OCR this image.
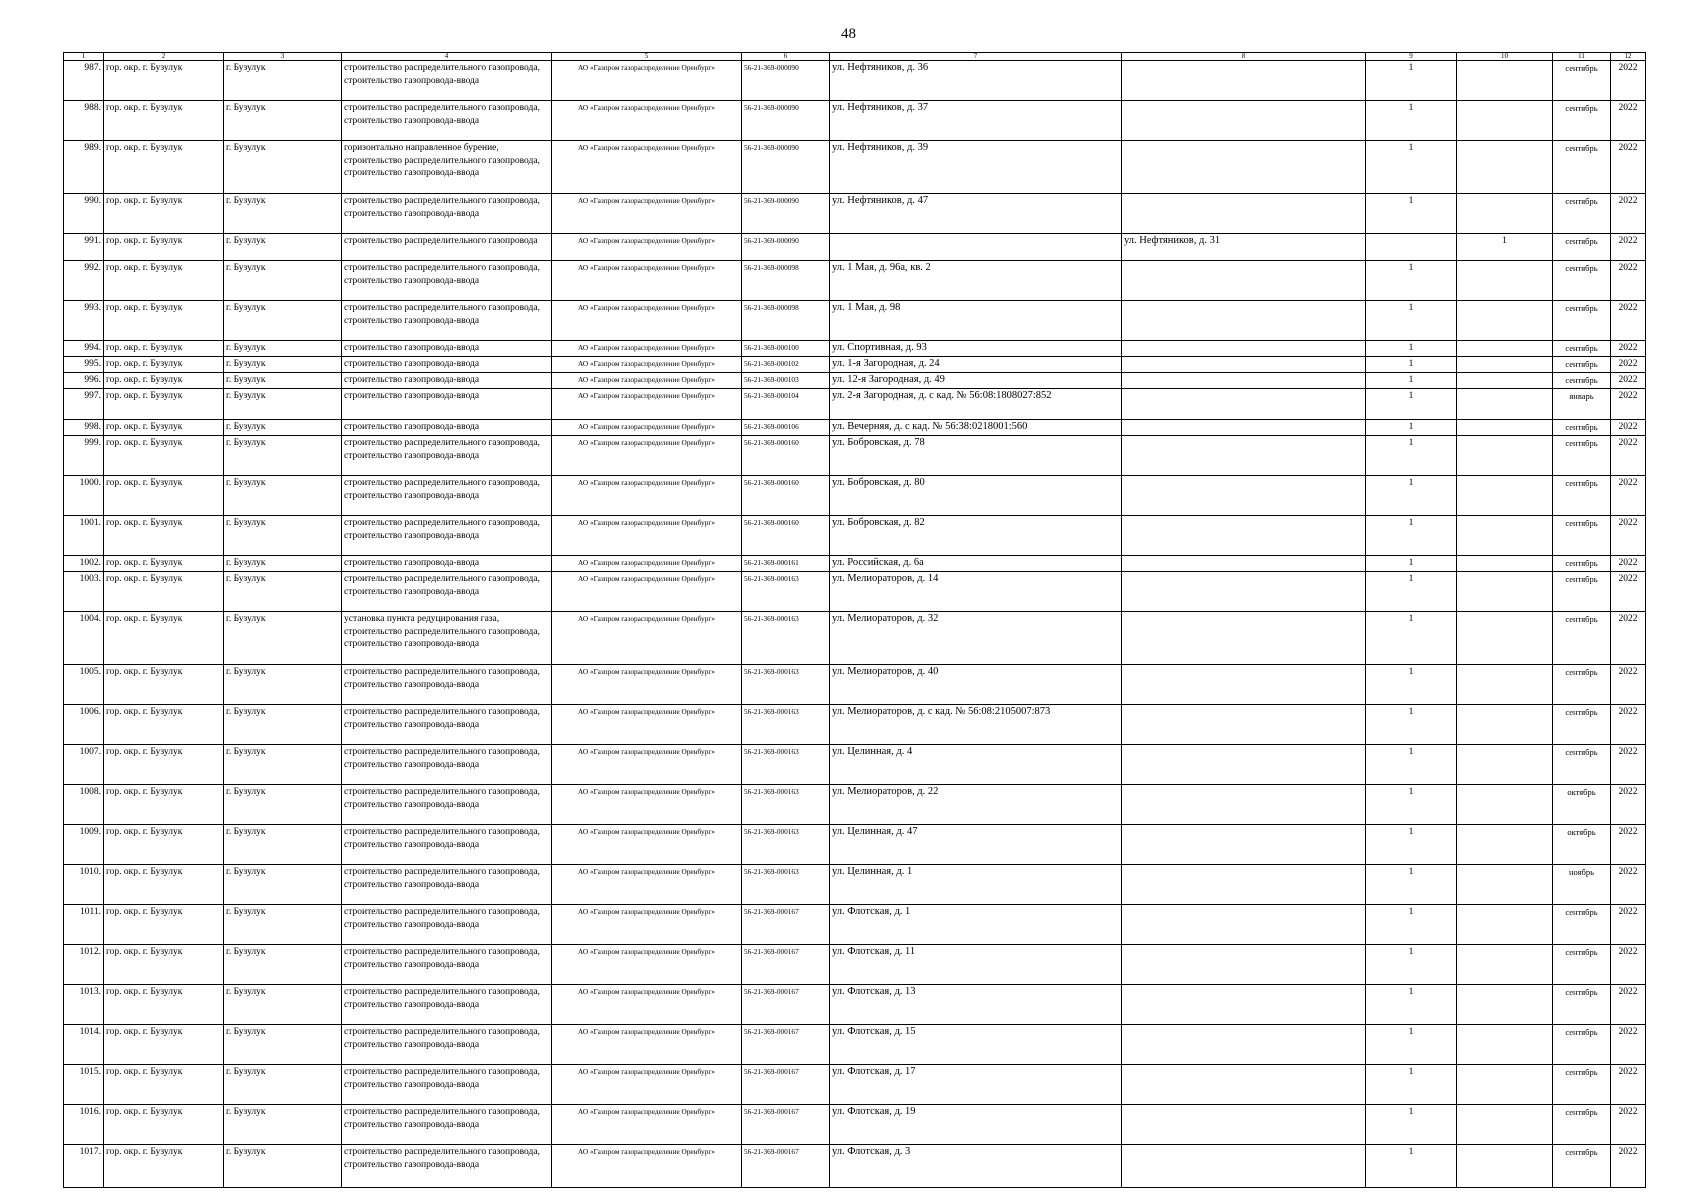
48
1	2	3	4	5	6	7	8	9	10	11	12
987.	гор. окр. г. Бузулук	г. Бузулук	строительство распределительного газопровода, строительство газопровода-ввода	АО «Газпром газораспределение Оренбург»	56-21-369-000090	ул. Нефтяников, д. 36		1		сентябрь	2022
988.	гор. окр. г. Бузулук	г. Бузулук	строительство распределительного газопровода, строительство газопровода-ввода	АО «Газпром газораспределение Оренбург»	56-21-369-000090	ул. Нефтяников, д. 37		1		сентябрь	2022
989.	гор. окр. г. Бузулук	г. Бузулук	горизонтально направленное бурение, строительство распределительного газопровода, строительство газопровода-ввода	АО «Газпром газораспределение Оренбург»	56-21-369-000090	ул. Нефтяников, д. 39		1		сентябрь	2022
990.	гор. окр. г. Бузулук	г. Бузулук	строительство распределительного газопровода, строительство газопровода-ввода	АО «Газпром газораспределение Оренбург»	56-21-369-000090	ул. Нефтяников, д. 47		1		сентябрь	2022
991.	гор. окр. г. Бузулук	г. Бузулук	строительство распределительного газопровода	АО «Газпром газораспределение Оренбург»	56-21-369-000090		ул. Нефтяников, д. 31		1	сентябрь	2022
992.	гор. окр. г. Бузулук	г. Бузулук	строительство распределительного газопровода, строительство газопровода-ввода	АО «Газпром газораспределение Оренбург»	56-21-369-000098	ул. 1 Мая, д. 96а, кв. 2		1		сентябрь	2022
993.	гор. окр. г. Бузулук	г. Бузулук	строительство распределительного газопровода, строительство газопровода-ввода	АО «Газпром газораспределение Оренбург»	56-21-369-000098	ул. 1 Мая, д. 98		1		сентябрь	2022
994.	гор. окр. г. Бузулук	г. Бузулук	строительство газопровода-ввода	АО «Газпром газораспределение Оренбург»	56-21-369-000100	ул. Спортивная, д. 93		1		сентябрь	2022
995.	гор. окр. г. Бузулук	г. Бузулук	строительство газопровода-ввода	АО «Газпром газораспределение Оренбург»	56-21-369-000102	ул. 1-я Загородная, д. 24		1		сентябрь	2022
996.	гор. окр. г. Бузулук	г. Бузулук	строительство газопровода-ввода	АО «Газпром газораспределение Оренбург»	56-21-369-000103	ул. 12-я Загородная, д. 49		1		сентябрь	2022
997.	гор. окр. г. Бузулук	г. Бузулук	строительство газопровода-ввода	АО «Газпром газораспределение Оренбург»	56-21-369-000104	ул. 2-я Загородная, д. с кад. № 56:08:1808027:852		1		январь	2022
998.	гор. окр. г. Бузулук	г. Бузулук	строительство газопровода-ввода	АО «Газпром газораспределение Оренбург»	56-21-369-000106	ул. Вечерняя, д. с кад. № 56:38:0218001:560		1		сентябрь	2022
999.	гор. окр. г. Бузулук	г. Бузулук	строительство распределительного газопровода, строительство газопровода-ввода	АО «Газпром газораспределение Оренбург»	56-21-369-000160	ул. Бобровская, д. 78		1		сентябрь	2022
1000.	гор. окр. г. Бузулук	г. Бузулук	строительство распределительного газопровода, строительство газопровода-ввода	АО «Газпром газораспределение Оренбург»	56-21-369-000160	ул. Бобровская, д. 80		1		сентябрь	2022
1001.	гор. окр. г. Бузулук	г. Бузулук	строительство распределительного газопровода, строительство газопровода-ввода	АО «Газпром газораспределение Оренбург»	56-21-369-000160	ул. Бобровская, д. 82		1		сентябрь	2022
1002.	гор. окр. г. Бузулук	г. Бузулук	строительство газопровода-ввода	АО «Газпром газораспределение Оренбург»	56-21-369-000161	ул. Российская, д. 6а		1		сентябрь	2022
1003.	гор. окр. г. Бузулук	г. Бузулук	строительство распределительного газопровода, строительство газопровода-ввода	АО «Газпром газораспределение Оренбург»	56-21-369-000163	ул. Мелиораторов, д. 14		1		сентябрь	2022
1004.	гор. окр. г. Бузулук	г. Бузулук	установка пункта редуцирования газа, строительство распределительного газопровода, строительство газопровода-ввода	АО «Газпром газораспределение Оренбург»	56-21-369-000163	ул. Мелиораторов, д. 32		1		сентябрь	2022
1005.	гор. окр. г. Бузулук	г. Бузулук	строительство распределительного газопровода, строительство газопровода-ввода	АО «Газпром газораспределение Оренбург»	56-21-369-000163	ул. Мелиораторов, д. 40		1		сентябрь	2022
1006.	гор. окр. г. Бузулук	г. Бузулук	строительство распределительного газопровода, строительство газопровода-ввода	АО «Газпром газораспределение Оренбург»	56-21-369-000163	ул. Мелиораторов, д. с кад. № 56:08:2105007:873		1		сентябрь	2022
1007.	гор. окр. г. Бузулук	г. Бузулук	строительство распределительного газопровода, строительство газопровода-ввода	АО «Газпром газораспределение Оренбург»	56-21-369-000163	ул. Целинная, д. 4		1		сентябрь	2022
1008.	гор. окр. г. Бузулук	г. Бузулук	строительство распределительного газопровода, строительство газопровода-ввода	АО «Газпром газораспределение Оренбург»	56-21-369-000163	ул. Мелиораторов, д. 22		1		октябрь	2022
1009.	гор. окр. г. Бузулук	г. Бузулук	строительство распределительного газопровода, строительство газопровода-ввода	АО «Газпром газораспределение Оренбург»	56-21-369-000163	ул. Целинная, д. 47		1		октябрь	2022
1010.	гор. окр. г. Бузулук	г. Бузулук	строительство распределительного газопровода, строительство газопровода-ввода	АО «Газпром газораспределение Оренбург»	56-21-369-000163	ул. Целинная, д. 1		1		ноябрь	2022
1011.	гор. окр. г. Бузулук	г. Бузулук	строительство распределительного газопровода, строительство газопровода-ввода	АО «Газпром газораспределение Оренбург»	56-21-369-000167	ул. Флотская, д. 1		1		сентябрь	2022
1012.	гор. окр. г. Бузулук	г. Бузулук	строительство распределительного газопровода, строительство газопровода-ввода	АО «Газпром газораспределение Оренбург»	56-21-369-000167	ул. Флотская, д. 11		1		сентябрь	2022
1013.	гор. окр. г. Бузулук	г. Бузулук	строительство распределительного газопровода, строительство газопровода-ввода	АО «Газпром газораспределение Оренбург»	56-21-369-000167	ул. Флотская, д. 13		1		сентябрь	2022
1014.	гор. окр. г. Бузулук	г. Бузулук	строительство распределительного газопровода, строительство газопровода-ввода	АО «Газпром газораспределение Оренбург»	56-21-369-000167	ул. Флотская, д. 15		1		сентябрь	2022
1015.	гор. окр. г. Бузулук	г. Бузулук	строительство распределительного газопровода, строительство газопровода-ввода	АО «Газпром газораспределение Оренбург»	56-21-369-000167	ул. Флотская, д. 17		1		сентябрь	2022
1016.	гор. окр. г. Бузулук	г. Бузулук	строительство распределительного газопровода, строительство газопровода-ввода	АО «Газпром газораспределение Оренбург»	56-21-369-000167	ул. Флотская, д. 19		1		сентябрь	2022
1017.	гор. окр. г. Бузулук	г. Бузулук	строительство распределительного газопровода, строительство газопровода-ввода	АО «Газпром газораспределение Оренбург»	56-21-369-000167	ул. Флотская, д. 3		1		сентябрь	2022
